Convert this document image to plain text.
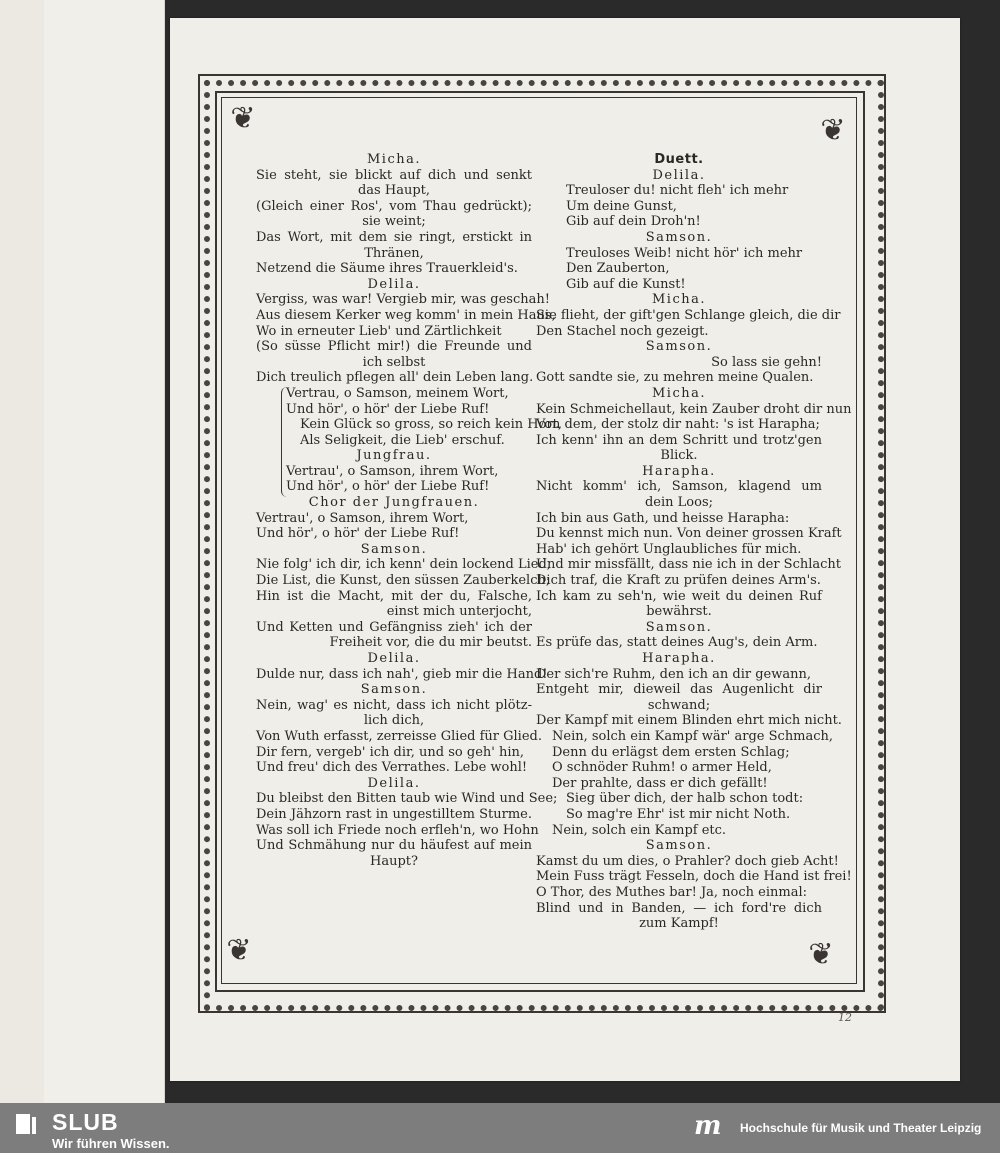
❦	❦
❦	❦
Micha.
Sie steht, sie blickt auf dich und senkt
das Haupt,
(Gleich einer Ros', vom Thau gedrückt);
sie weint;
Das Wort, mit dem sie ringt, erstickt in
Thränen,
Netzend die Säume ihres Trauerkleid's.
Delila.
Vergiss, was war! Vergieb mir, was geschah!
Aus diesem Kerker weg komm' in mein Haus,
Wo in erneuter Lieb' und Zärtlichkeit
(So süsse Pflicht mir!) die Freunde und
ich selbst
Dich treulich pflegen all' dein Leben lang.
Vertrau, o Samson, meinem Wort,
Und hör', o hör' der Liebe Ruf!
Kein Glück so gross, so reich kein Hort,
Als Seligkeit, die Lieb' erschuf.
Jungfrau.
Vertrau', o Samson, ihrem Wort,
Und hör', o hör' der Liebe Ruf!
Chor der Jungfrauen.
Vertrau', o Samson, ihrem Wort,
Und hör', o hör' der Liebe Ruf!
Samson.
Nie folg' ich dir, ich kenn' dein lockend Lied,
Die List, die Kunst, den süssen Zauberkelch;
Hin ist die Macht, mit der du, Falsche,
einst mich unterjocht,
Und Ketten und Gefängniss zieh' ich der
Freiheit vor, die du mir beutst.
Delila.
Dulde nur, dass ich nah', gieb mir die Hand!
Samson.
Nein, wag' es nicht, dass ich nicht plötz-
lich dich,
Von Wuth erfasst, zerreisse Glied für Glied.
Dir fern, vergeb' ich dir, und so geh' hin,
Und freu' dich des Verrathes. Lebe wohl!
Delila.
Du bleibst den Bitten taub wie Wind und See;
Dein Jähzorn rast in ungestilltem Sturme.
Was soll ich Friede noch erfleh'n, wo Hohn
Und Schmähung nur du häufest auf mein
Haupt?
Duett.
Delila.
Treuloser du! nicht fleh' ich mehr
Um deine Gunst,
Gib auf dein Droh'n!
Samson.
Treuloses Weib! nicht hör' ich mehr
Den Zauberton,
Gib auf die Kunst!
Micha.
Sie flieht, der gift'gen Schlange gleich, die dir
Den Stachel noch gezeigt.
Samson.
So lass sie gehn!
Gott sandte sie, zu mehren meine Qualen.
Micha.
Kein Schmeichellaut, kein Zauber droht dir nun
Von dem, der stolz dir naht: 's ist Harapha;
Ich kenn' ihn an dem Schritt und trotz'gen
Blick.
Harapha.
Nicht komm' ich, Samson, klagend um
dein Loos;
Ich bin aus Gath, und heisse Harapha:
Du kennst mich nun. Von deiner grossen Kraft
Hab' ich gehört Unglaubliches für mich.
Und mir missfällt, dass nie ich in der Schlacht
Dich traf, die Kraft zu prüfen deines Arm's.
Ich kam zu seh'n, wie weit du deinen Ruf
bewährst.
Samson.
Es prüfe das, statt deines Aug's, dein Arm.
Harapha.
Der sich're Ruhm, den ich an dir gewann,
Entgeht mir, dieweil das Augenlicht dir
schwand;
Der Kampf mit einem Blinden ehrt mich nicht.
Nein, solch ein Kampf wär' arge Schmach,
Denn du erlägst dem ersten Schlag;
O schnöder Ruhm! o armer Held,
Der prahlte, dass er dich gefällt!
Sieg über dich, der halb schon todt:
So mag're Ehr' ist mir nicht Noth.
Nein, solch ein Kampf etc.
Samson.
Kamst du um dies, o Prahler? doch gieb Acht!
Mein Fuss trägt Fesseln, doch die Hand ist frei!
O Thor, des Muthes bar! Ja, noch einmal:
Blind und in Banden, — ich ford're dich
zum Kampf!
12
SLUB
Wir führen Wissen.
m Hochschule für Musik und Theater Leipzig
